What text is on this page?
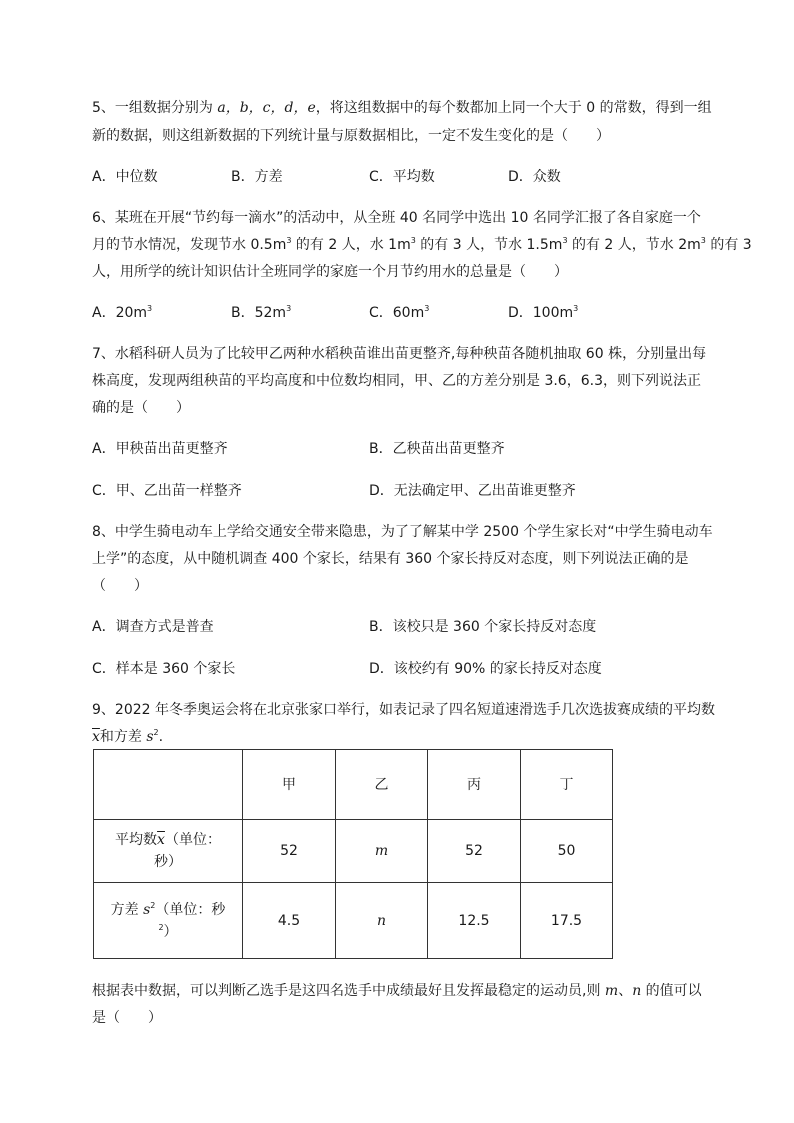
5、一组数据分别为 a，b，c，d，e，将这组数据中的每个数都加上同一个大于 0 的常数，得到一组
新的数据，则这组新数据的下列统计量与原数据相比，一定不发生变化的是（　　）
A．中位数	B．方差	C．平均数	D．众数
6、某班在开展“节约每一滴水”的活动中，从全班 40 名同学中选出 10 名同学汇报了各自家庭一个
月的节水情况，发现节水 $0.5m^3$ 的有 2 人，水 $1m^3$ 的有 3 人，节水 $1.5m^3$ 的有 2 人，节水 $2m^3$ 的有 3
人，用所学的统计知识估计全班同学的家庭一个月节约用水的总量是（　　）
A．$20m^3$	B．$52m^3$	C．$60m^3$	D．$100m^3$
7、水稻科研人员为了比较甲乙两种水稻秧苗谁出苗更整齐,每种秧苗各随机抽取 60 株，分别量出每
株高度，发现两组秧苗的平均高度和中位数均相同，甲、乙的方差分别是 3.6，6.3，则下列说法正
确的是（　　）
A．甲秧苗出苗更整齐	B．乙秧苗出苗更整齐
C．甲、乙出苗一样整齐	D．无法确定甲、乙出苗谁更整齐
8、中学生骑电动车上学给交通安全带来隐患，为了了解某中学 2500 个学生家长对“中学生骑电动车
上学”的态度，从中随机调查 400 个家长，结果有 360 个家长持反对态度，则下列说法正确的是
（　　）
A．调查方式是普查	B．该校只是 360 个家长持反对态度
C．样本是 360 个家长	D．该校约有 90% 的家长持反对态度
9、2022 年冬季奥运会将在北京张家口举行，如表记录了四名短道速滑选手几次选拔赛成绩的平均数
$\overline{x}$和方差 $s^2$.
	甲	乙	丙	丁
平均数$\overline{x}$（单位：
秒）	52	m	52	50
方差 $s^2$（单位：秒
$^2$）	4.5	n	12.5	17.5
根据表中数据，可以判断乙选手是这四名选手中成绩最好且发挥最稳定的运动员,则 m、n 的值可以
是（　　）
